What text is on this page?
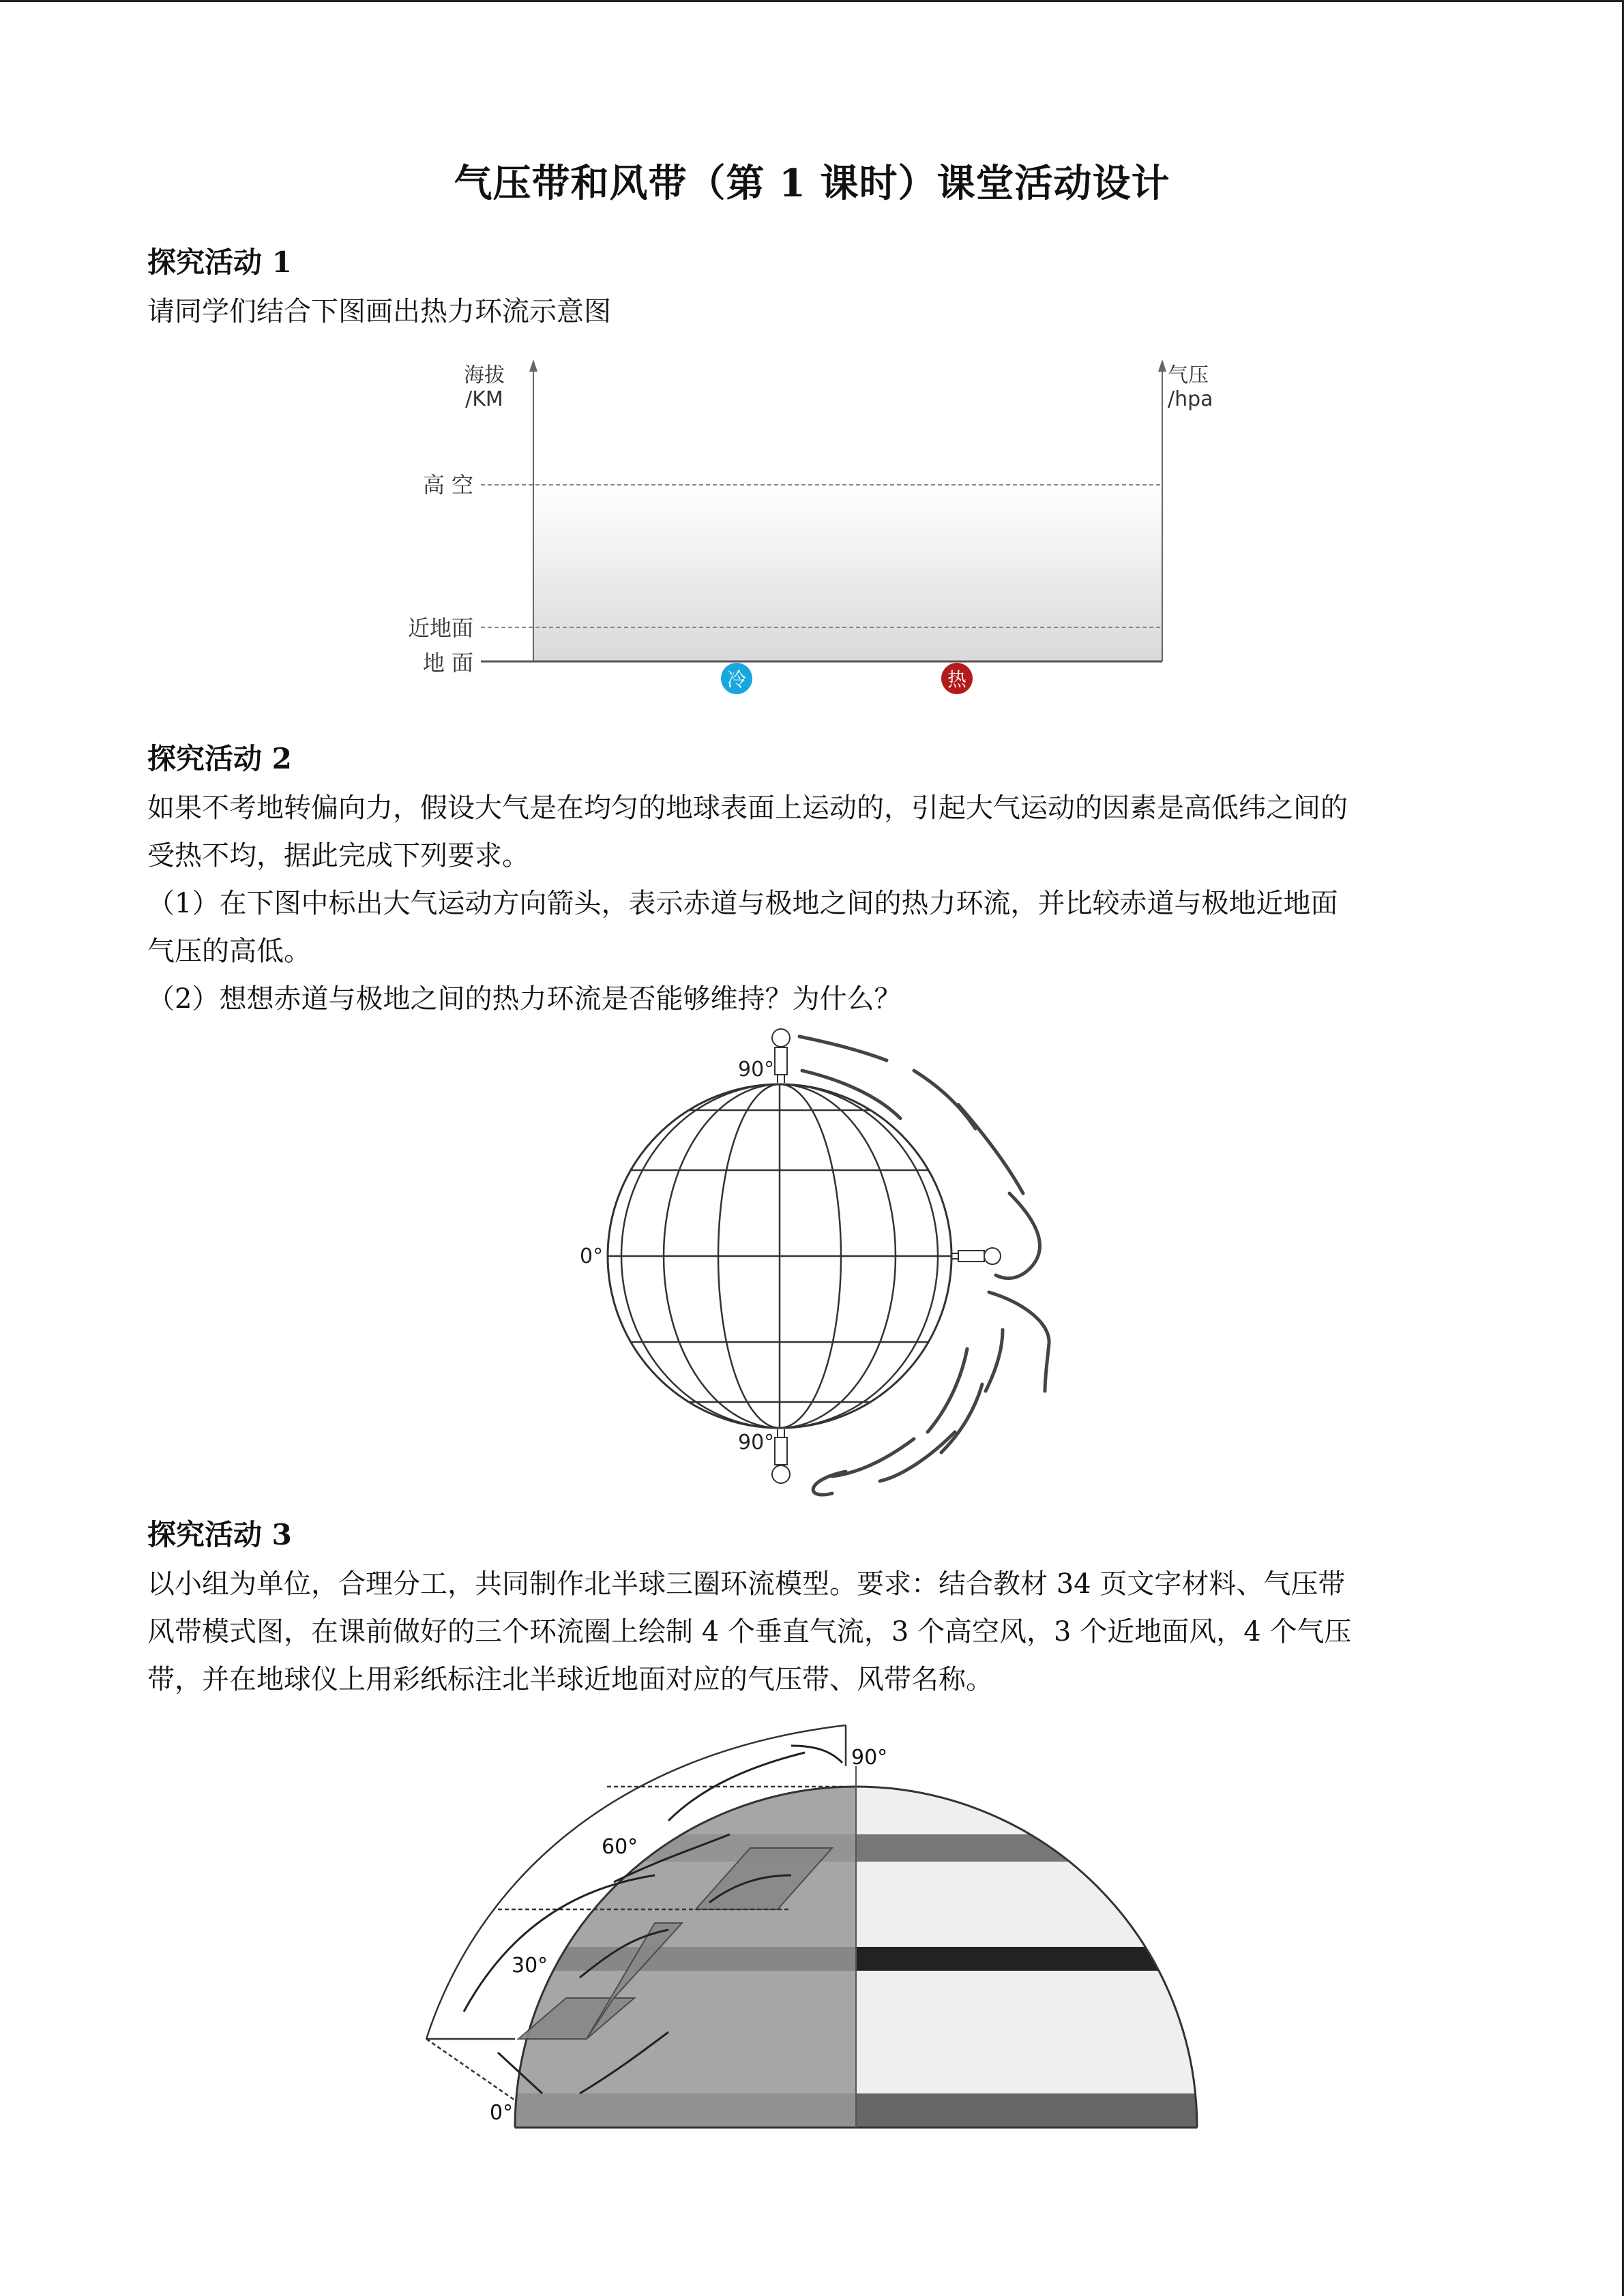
气压带和风带（第 1 课时）课堂活动设计
探究活动 1
请同学们结合下图画出热力环流示意图
海拔
/KM
气压
/hpa
高 空
近地面
地 面
冷	热
探究活动 2
如果不考地转偏向力，假设大气是在均匀的地球表面上运动的，引起大气运动的因素是高低纬之间的
受热不均，据此完成下列要求。
（1）在下图中标出大气运动方向箭头，表示赤道与极地之间的热力环流，并比较赤道与极地近地面
气压的高低。
（2）想想赤道与极地之间的热力环流是否能够维持？为什么？
90°
0°
90°
探究活动 3
以小组为单位，合理分工，共同制作北半球三圈环流模型。要求：结合教材 34 页文字材料、气压带
风带模式图，在课前做好的三个环流圈上绘制 4 个垂直气流，3 个高空风，3 个近地面风，4 个气压
带，并在地球仪上用彩纸标注北半球近地面对应的气压带、风带名称。
90°
60°
30°
0°
